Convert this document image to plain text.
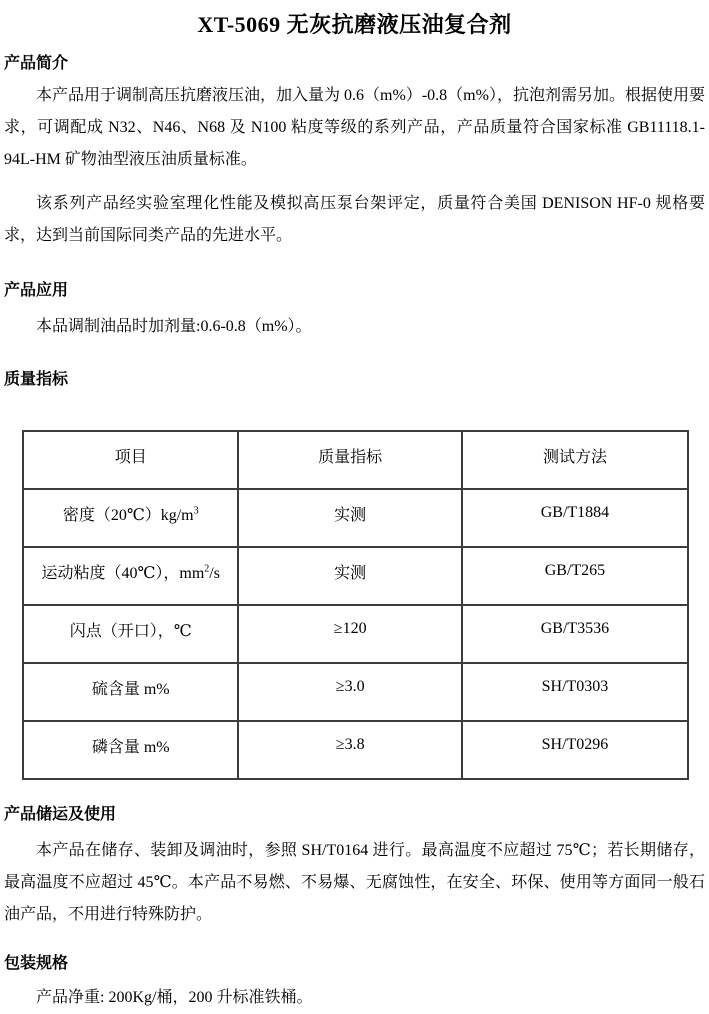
XT-5069 无灰抗磨液压油复合剂
产品简介

本产品用于调制高压抗磨液压油，加入量为 0.6（m%）-0.8（m%），抗泡剂需另加。根据使用要求，可调配成 N32、N46、N68 及 N100 粘度等级的系列产品，产品质量符合国家标准 GB11118.1-94L-HM 矿物油型液压油质量标准。

该系列产品经实验室理化性能及模拟高压泵台架评定，质量符合美国 DENISON HF-0 规格要求，达到当前国际同类产品的先进水平。

产品应用

本品调制油品时加剂量:0.6-0.8（m%）。

质量指标
项目	质量指标	测试方法
密度$(20℃)kg/m^3$	实测	GB/T1884
运动粘度（40℃），$mm^2/s$	实测	GB/T265
闪点（开口），℃	≥120	GB/T3536
硫含量 m%	≥3.0	SH/T0303
磷含量 m%	≥3.8	SH/T0296
产品储运及使用

本产品在储存、装卸及调油时，参照 SH/T0164 进行。最高温度不应超过 75℃；若长期储存，最高温度不应超过 45℃。本产品不易燃、不易爆、无腐蚀性，在安全、环保、使用等方面同一般石油产品，不用进行特殊防护。

包装规格

产品净重: 200Kg/桶，200 升标准铁桶。
